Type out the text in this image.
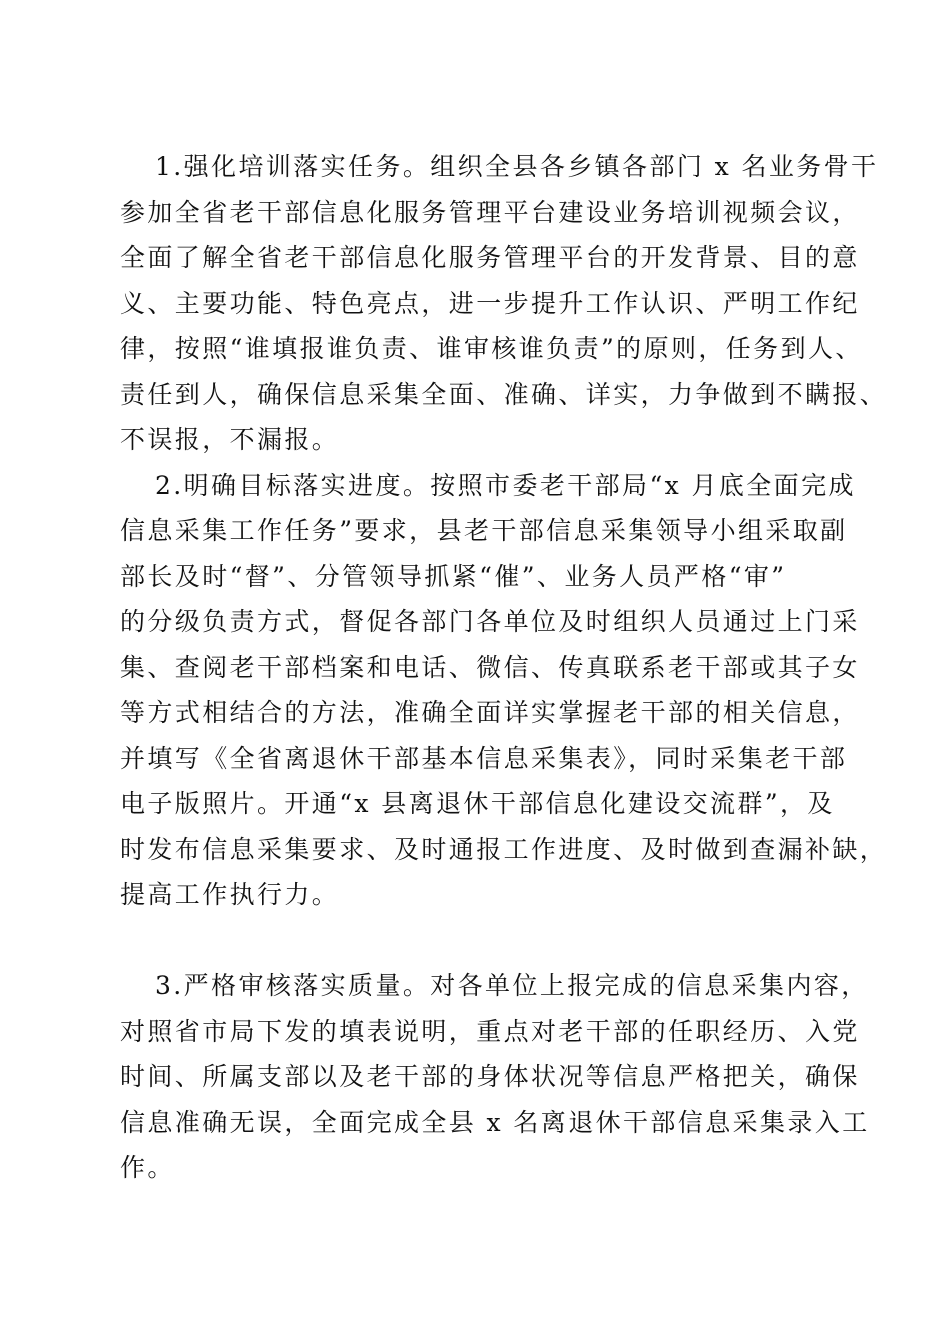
1.强化培训落实任务。组织全县各乡镇各部门 x 名业务骨干
参加全省老干部信息化服务管理平台建设业务培训视频会议，
全面了解全省老干部信息化服务管理平台的开发背景、目的意
义、主要功能、特色亮点，进一步提升工作认识、严明工作纪
律，按照“谁填报谁负责、谁审核谁负责”的原则，任务到人、
责任到人，确保信息采集全面、准确、详实，力争做到不瞒报、
不误报，不漏报。
2.明确目标落实进度。按照市委老干部局“x 月底全面完成
信息采集工作任务”要求，县老干部信息采集领导小组采取副
部长及时“督”、分管领导抓紧“催”、业务人员严格“审”
的分级负责方式，督促各部门各单位及时组织人员通过上门采
集、查阅老干部档案和电话、微信、传真联系老干部或其子女
等方式相结合的方法，准确全面详实掌握老干部的相关信息，
并填写《全省离退休干部基本信息采集表》，同时采集老干部
电子版照片。开通“x 县离退休干部信息化建设交流群”，及
时发布信息采集要求、及时通报工作进度、及时做到查漏补缺，
提高工作执行力。
3.严格审核落实质量。对各单位上报完成的信息采集内容，
对照省市局下发的填表说明，重点对老干部的任职经历、入党
时间、所属支部以及老干部的身体状况等信息严格把关，确保
信息准确无误，全面完成全县 x 名离退休干部信息采集录入工
作。
